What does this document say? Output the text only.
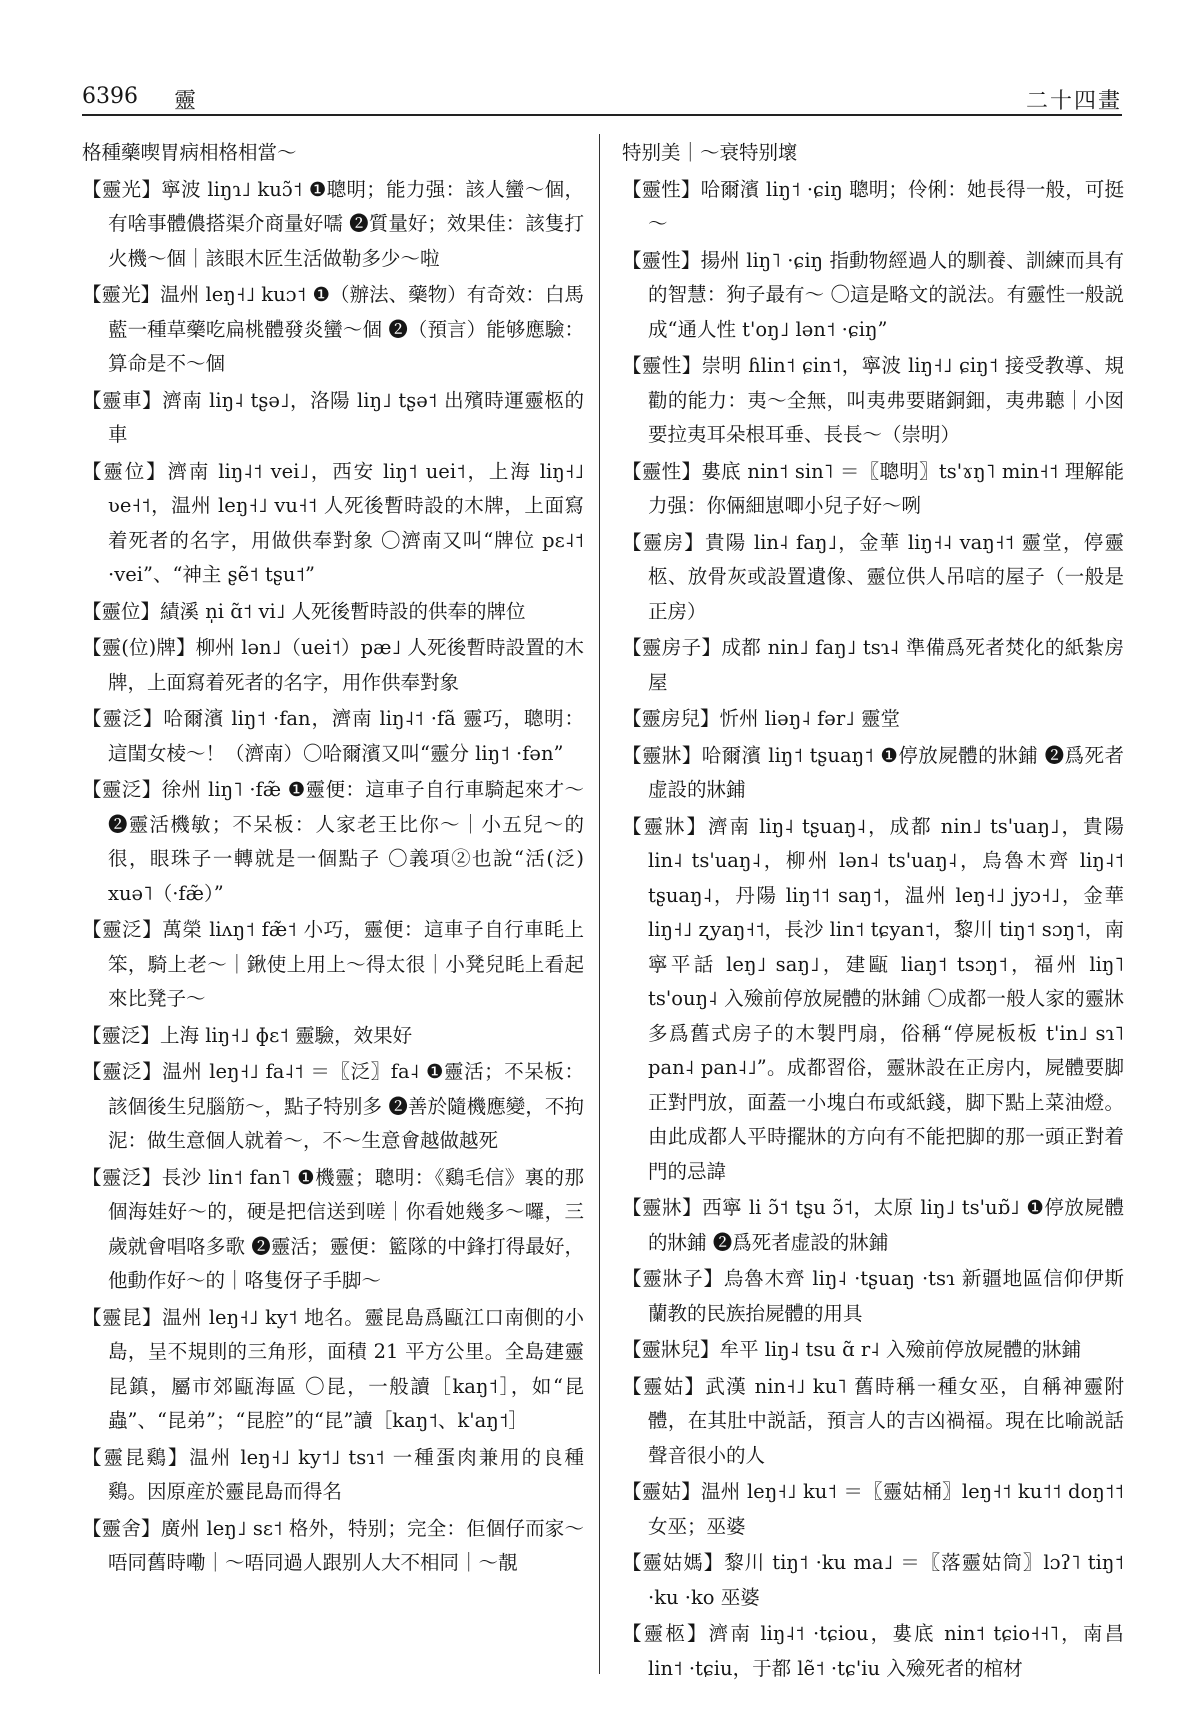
6396 靈	二十四畫

格種藥喫胃病相格相當～

【靈光】寧波 liŋɿ˩ kuɔ̃˦ ❶聰明；能力强：該人蠻～個，有啥事體儂搭渠介商量好嚅 ❷質量好；效果佳：該隻打火機～個｜該眼木匠生活做勒多少～啦

【靈光】温州 leŋ˧˩ kuɔ˦ ❶（辦法、藥物）有奇效：白馬藍一種草藥吃扁桃體發炎蠻～個 ❷（預言）能够應驗：算命是不～個

【靈車】濟南 liŋ˨ tʂə˩，洛陽 liŋ˩ tʂə˦ 出殯時運靈柩的車

【靈位】濟南 liŋ˨˦ vei˩，西安 liŋ˦ uei˦，上海 liŋ˧˩ ʋe˧˦，温州 leŋ˧˩ vu˧˦ 人死後暫時設的木牌，上面寫着死者的名字，用做供奉對象 〇濟南又叫“牌位 pɛ˨˦ ·vei”、“神主 ʂẽ˦ tʂu˦”

【靈位】績溪 n̩i ɑ̃˦ vi˩ 人死後暫時設的供奉的牌位

【靈(位)牌】柳州 lən˩（uei˦）pæ˩ 人死後暫時設置的木牌，上面寫着死者的名字，用作供奉對象

【靈泛】哈爾濱 liŋ˦ ·fan，濟南 liŋ˨˦ ·fã 靈巧，聰明：這閨女棱～！（濟南）〇哈爾濱又叫“靈分 liŋ˦ ·fən”

【靈泛】徐州 liŋ˥ ·fæ̃ ❶靈便：這車子自行車騎起來才～ ❷靈活機敏；不呆板：人家老王比你～｜小五兒～的很，眼珠子一轉就是一個點子 〇義項②也說“活(泛) xuə˥（·fæ̃）”

【靈泛】萬榮 liʌŋ˦ fæ̃˦ 小巧，靈便：這車子自行車眊上笨，騎上老～｜鍬使上用上～得太很｜小凳兒眊上看起來比凳子～

【靈泛】上海 liŋ˧˩ ɸɛ˦ 靈驗，效果好

【靈泛】温州 leŋ˧˩ fa˨˦ ＝〖泛〗fa˨ ❶靈活；不呆板：該個後生兒腦筋～，點子特别多 ❷善於隨機應變，不拘泥：做生意個人就着～，不～生意會越做越死

【靈泛】長沙 lin˦ fan˥ ❶機靈；聰明：《鷄毛信》裏的那個海娃好～的，硬是把信送到嗟｜你看她幾多～囉，三歲就會唱咯多歌 ❷靈活；靈便：籃隊的中鋒打得最好，他動作好～的｜咯隻伢子手脚～

【靈昆】温州 leŋ˧˩ ky˦ 地名。靈昆島爲甌江口南側的小島，呈不規則的三角形，面積 21 平方公里。全島建靈昆鎮，屬市郊甌海區 〇昆，一般讀［kaŋ˦］，如“昆蟲”、“昆弟”；“昆腔”的“昆”讀［kaŋ˦、k'aŋ˦］

【靈昆鷄】温州 leŋ˧˩ ky˦˩ tsɿ˦ 一種蛋肉兼用的良種鷄。因原産於靈昆島而得名

【靈舍】廣州 leŋ˩ sɛ˦ 格外，特别；完全：佢個仔而家～唔同舊時嘞｜～唔同過人跟别人大不相同｜～靚

特别美｜～衰特别壞

【靈性】哈爾濱 liŋ˦ ·ɕiŋ 聰明；伶俐：她長得一般，可挺～

【靈性】揚州 liŋ˥ ·ɕiŋ 指動物經過人的馴養、訓練而具有的智慧：狗子最有～ 〇這是略文的説法。有靈性一般説成“通人性 t'oŋ˩ lən˦ ·ɕiŋ”

【靈性】崇明 ɦlin˦ ɕin˦，寧波 liŋ˧˩ ɕiŋ˦ 接受教導、規勸的能力：夷～全無，叫夷弗要賭銅鈿，夷弗聽｜小囡要拉夷耳朵根耳垂、長長～（崇明）

【靈性】婁底 nin˦ sin˥ ＝〖聰明〗ts'ɤŋ˥ min˧˦ 理解能力强：你倆細崽唧小兒子好～咧

【靈房】貴陽 lin˨ faŋ˩，金華 liŋ˧˨ vaŋ˧˦ 靈堂，停靈柩、放骨灰或設置遺像、靈位供人吊唁的屋子（一般是正房）

【靈房子】成都 nin˩ faŋ˩ tsɿ˨ 準備爲死者焚化的紙紮房屋

【靈房兒】忻州 liəŋ˨ fər˩ 靈堂

【靈牀】哈爾濱 liŋ˦ tʂuaŋ˦ ❶停放屍體的牀鋪 ❷爲死者虚設的牀鋪

【靈牀】濟南 liŋ˨ tʂuaŋ˨，成都 nin˩ ts'uaŋ˩，貴陽 lin˨ ts'uaŋ˨，柳州 lən˨ ts'uaŋ˨，烏魯木齊 liŋ˨˦ tʂuaŋ˨，丹陽 liŋ˦˦ saŋ˦，温州 leŋ˧˩ jyɔ˧˩，金華 liŋ˧˩ ʐyaŋ˧˦，長沙 lin˦ tɕyan˦，黎川 tiŋ˦ sɔŋ˦，南寧平話 leŋ˩ saŋ˩，建甌 liaŋ˦ tsɔŋ˦，福州 liŋ˥ ts'ouŋ˨ 入殮前停放屍體的牀鋪 〇成都一般人家的靈牀多爲舊式房子的木製門扇，俗稱“停屍板板 t'in˩ sɿ˥ pan˨ pan˨˩”。成都習俗，靈牀設在正房内，屍體要脚正對門放，面蓋一小塊白布或紙錢，脚下點上菜油燈。由此成都人平時擺牀的方向有不能把脚的那一頭正對着門的忌諱

【靈牀】西寧 li ɔ̃˦ tʂu ɔ̃˦，太原 liŋ˩ ts'uɒ̃˩ ❶停放屍體的牀鋪 ❷爲死者虚設的牀鋪

【靈牀子】烏魯木齊 liŋ˨ ·tʂuaŋ ·tsɿ 新疆地區信仰伊斯蘭教的民族抬屍體的用具

【靈牀兒】牟平 liŋ˨ tsu ɑ̃ r˨ 入殮前停放屍體的牀鋪

【靈姑】武漢 nin˧˩ ku˥ 舊時稱一種女巫，自稱神靈附體，在其肚中説話，預言人的吉凶禍福。現在比喻説話聲音很小的人

【靈姑】温州 leŋ˧˩ ku˦ ＝〖靈姑桶〗leŋ˧˦ ku˦˦ doŋ˦˦ 女巫；巫婆

【靈姑媽】黎川 tiŋ˦ ·ku ma˩ ＝〖落靈姑筒〗lɔʔ˥ tiŋ˦ ·ku ·ko 巫婆

【靈柩】濟南 liŋ˨˦ ·tɕiou，婁底 nin˦ tɕio˧˧˥，南昌 lin˦ ·tɕiu，于都 lẽ˦ ·tɕ'iu 入殮死者的棺材
